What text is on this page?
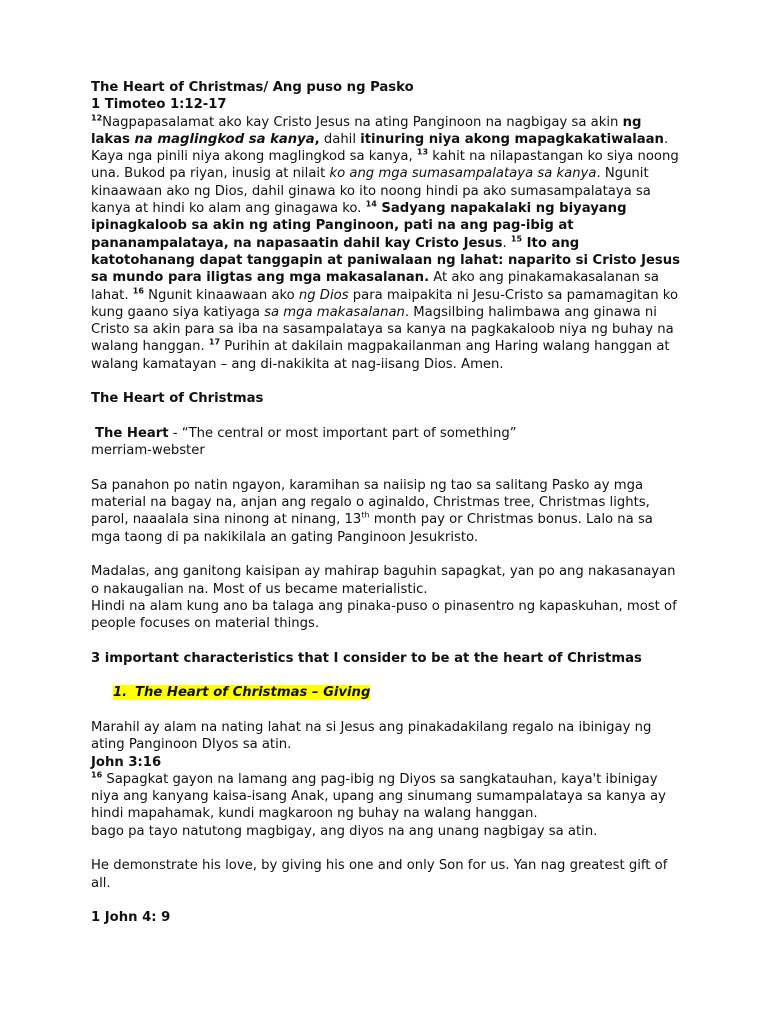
The Heart of Christmas/ Ang puso ng Pasko

1 Timoteo 1:12-17

$^{12}$Nagpapasalamat ako kay Cristo Jesus na ating Panginoon na nagbigay sa akin ng lakas na maglingkod sa kanya, dahil itinuring niya akong mapagkakatiwalaan. Kaya nga pinili niya akong maglingkod sa kanya, $^{13}$ kahit na nilapastangan ko siya noong una. Bukod pa riyan, inusig at nilait ko ang mga sumasampalataya sa kanya. Ngunit kinaawaan ako ng Dios, dahil ginawa ko ito noong hindi pa ako sumasampalataya sa kanya at hindi ko alam ang ginagawa ko. $^{14}$ Sadyang napakalaki ng biyayang ipinagkaloob sa akin ng ating Panginoon, pati na ang pag-ibig at pananampalataya, na napasaatin dahil kay Cristo Jesus. $^{15}$ Ito ang katotohanang dapat tanggapin at paniwalaan ng lahat: naparito si Cristo Jesus sa mundo para iligtas ang mga makasalanan. At ako ang pinakamakasalanan sa lahat. $^{16}$ Ngunit kinaawaan ako ng Dios para maipakita ni Jesu-Cristo sa pamamagitan ko kung gaano siya katiyaga sa mga makasalanan. Magsilbing halimbawa ang ginawa ni Cristo sa akin para sa iba na sasampalataya sa kanya na pagkakaloob niya ng buhay na walang hanggan. $^{17}$ Purihin at dakilain magpakailanman ang Haring walang hanggan at walang kamatayan – ang di-nakikita at nag-iisang Dios. Amen.

The Heart of Christmas

The Heart - “The central or most important part of something”

merriam-webster

Sa panahon po natin ngayon, karamihan sa naiisip ng tao sa salitang Pasko ay mga material na bagay na, anjan ang regalo o aginaldo, Christmas tree, Christmas lights, parol, naaalala sina ninong at ninang, 13th month pay or Christmas bonus. Lalo na sa mga taong di pa nakikilala an gating Panginoon Jesukristo.

Madalas, ang ganitong kaisipan ay mahirap baguhin sapagkat, yan po ang nakasanayan o nakaugalian na. Most of us became materialistic.

Hindi na alam kung ano ba talaga ang pinaka-puso o pinasentro ng kapaskuhan, most of people focuses on material things.

3 important characteristics that I consider to be at the heart of Christmas

1. The Heart of Christmas – Giving

Marahil ay alam na nating lahat na si Jesus ang pinakadakilang regalo na ibinigay ng ating Panginoon DIyos sa atin.

John 3:16

$^{16}$ Sapagkat gayon na lamang ang pag-ibig ng Diyos sa sangkatauhan, kaya't ibinigay niya ang kanyang kaisa-isang Anak, upang ang sinumang sumampalataya sa kanya ay hindi mapahamak, kundi magkaroon ng buhay na walang hanggan.

bago pa tayo natutong magbigay, ang diyos na ang unang nagbigay sa atin.

He demonstrate his love, by giving his one and only Son for us. Yan nag greatest gift of all.

1 John 4: 9
